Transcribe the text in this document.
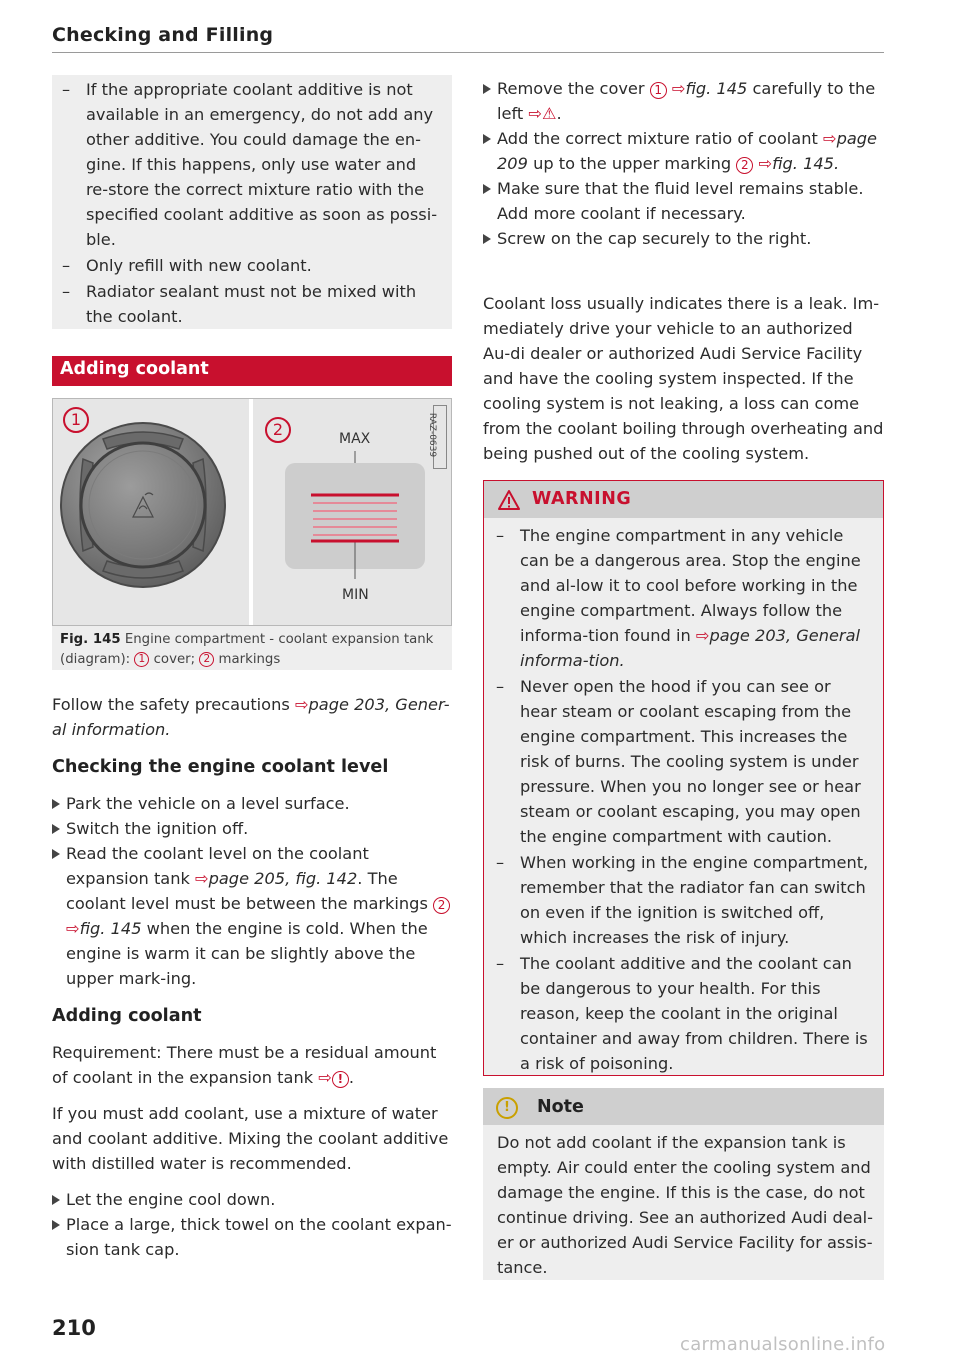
Checking and Filling
– If the appropriate coolant additive is not available in an emergency, do not add any other additive. You could damage the en-gine. If this happens, only use water and re-store the correct mixture ratio with the specified coolant additive as soon as possi-ble.
– Only refill with new coolant.
– Radiator sealant must not be mixed with the coolant.
Adding coolant
1
2	MAX
MIN
RAZ-0639
Fig. 145 Engine compartment - coolant expansion tank (diagram): 1 cover; 2 markings
Follow the safety precautions ⇨page 203, Gener-al information.
Checking the engine coolant level
Park the vehicle on a level surface.
Switch the ignition off.
Read the coolant level on the coolant expansion tank ⇨page 205, fig. 142. The coolant level must be between the markings 2 ⇨fig. 145 when the engine is cold. When the engine is warm it can be slightly above the upper mark-ing.
Adding coolant
Requirement: There must be a residual amount of coolant in the expansion tank ⇨ ! .
If you must add coolant, use a mixture of water and coolant additive. Mixing the coolant additive with distilled water is recommended.
Let the engine cool down.
Place a large, thick towel on the coolant expan-sion tank cap.
210
Remove the cover 1 ⇨fig. 145 carefully to the left ⇨⚠.
Add the correct mixture ratio of coolant ⇨page 209 up to the upper marking 2 ⇨fig. 145.
Make sure that the fluid level remains stable. Add more coolant if necessary.
Screw on the cap securely to the right.
Coolant loss usually indicates there is a leak. Im-mediately drive your vehicle to an authorized Au-di dealer or authorized Audi Service Facility and have the cooling system inspected. If the cooling system is not leaking, a loss can come from the coolant boiling through overheating and being pushed out of the cooling system.
WARNING
– The engine compartment in any vehicle can be a dangerous area. Stop the engine and al-low it to cool before working in the engine compartment. Always follow the informa-tion found in ⇨page 203, General informa-tion.
– Never open the hood if you can see or hear steam or coolant escaping from the engine compartment. This increases the risk of burns. The cooling system is under pressure. When you no longer see or hear steam or coolant escaping, you may open the engine compartment with caution.
– When working in the engine compartment, remember that the radiator fan can switch on even if the ignition is switched off, which increases the risk of injury.
– The coolant additive and the coolant can be dangerous to your health. For this reason, keep the coolant in the original container and away from children. There is a risk of poisoning.
!	Note
Do not add coolant if the expansion tank is empty. Air could enter the cooling system and damage the engine. If this is the case, do not continue driving. See an authorized Audi deal-er or authorized Audi Service Facility for assis-tance.
carmanualsonline.info
